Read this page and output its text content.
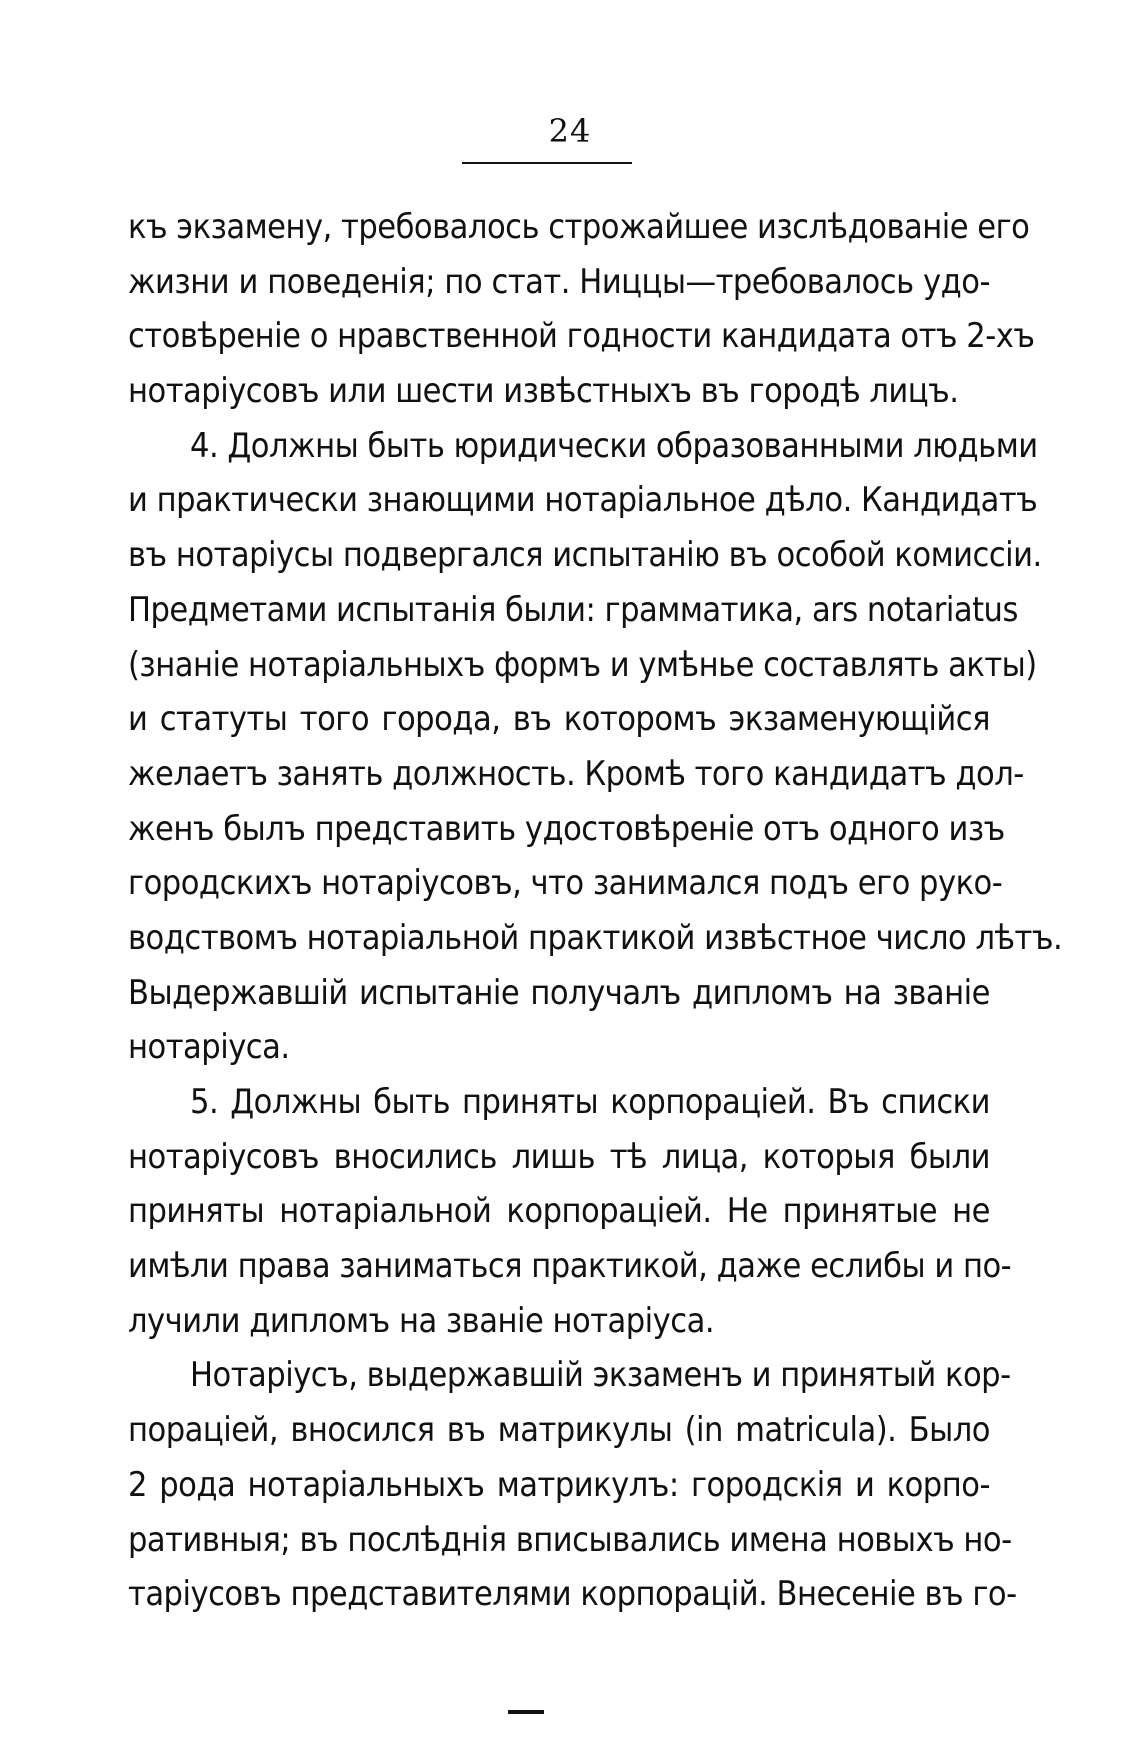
24
къ экзамену, требовалось строжайшее изслѣдованіе его
жизни и поведенія; по стат. Ниццы—требовалось удо-
стовѣреніе о нравственной годности кандидата отъ 2-хъ
нотаріусовъ или шести извѣстныхъ въ городѣ лицъ.
4. Должны быть юридически образованными людьми
и практически знающими нотаріальное дѣло. Кандидатъ
въ нотаріусы подвергался испытанію въ особой комиссіи.
Предметами испытанія были: грамматика, ars notariatus
(знаніе нотаріальныхъ формъ и умѣнье составлять акты)
и статуты того города, въ которомъ экзаменующійся
желаетъ занять должность. Кромѣ того кандидатъ дол-
женъ былъ представить удостовѣреніе отъ одного изъ
городскихъ нотаріусовъ, что занимался подъ его руко-
водствомъ нотаріальной практикой извѣстное число лѣтъ.
Выдержавшій испытаніе получалъ дипломъ на званіе
нотаріуса.
5. Должны быть приняты корпораціей. Въ списки
нотаріусовъ вносились лишь тѣ лица, которыя были
приняты нотаріальной корпораціей. Не принятые не
имѣли права заниматься практикой, даже еслибы и по-
лучили дипломъ на званіе нотаріуса.
Нотаріусъ, выдержавшій экзаменъ и принятый кор-
пораціей, вносился въ матрикулы (in matricula). Было
2 рода нотаріальныхъ матрикулъ: городскія и корпо-
ративныя; въ послѣднія вписывались имена новыхъ но-
таріусовъ представителями корпорацій. Внесеніе въ го-
